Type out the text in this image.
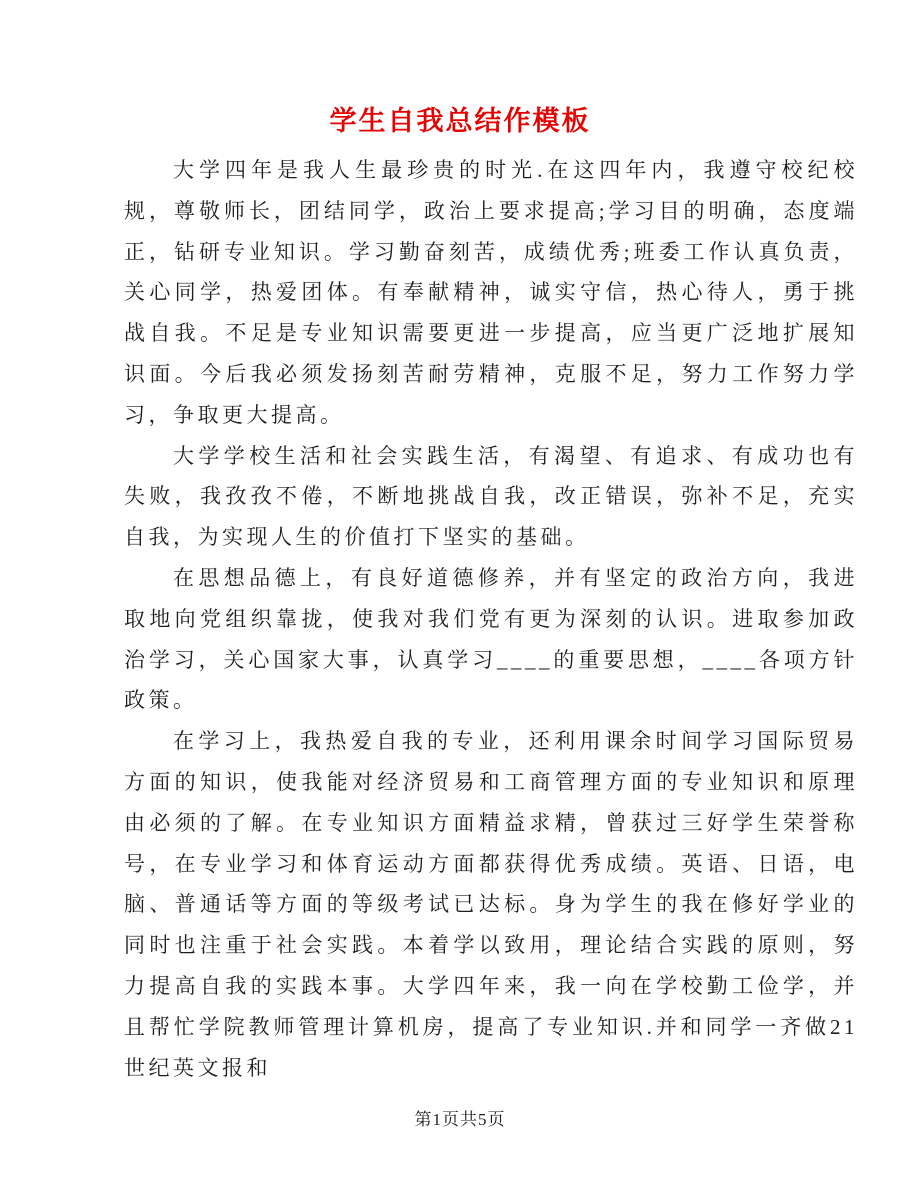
学生自我总结作模板

大学四年是我人生最珍贵的时光.在这四年内，我遵守校纪校规，尊敬师长，团结同学，政治上要求提高;学习目的明确，态度端正，钻研专业知识。学习勤奋刻苦，成绩优秀;班委工作认真负责，关心同学，热爱团体。有奉献精神，诚实守信，热心待人，勇于挑战自我。不足是专业知识需要更进一步提高，应当更广泛地扩展知识面。今后我必须发扬刻苦耐劳精神，克服不足，努力工作努力学习，争取更大提高。

大学学校生活和社会实践生活，有渴望、有追求、有成功也有失败，我孜孜不倦，不断地挑战自我，改正错误，弥补不足，充实自我，为实现人生的价值打下坚实的基础。

在思想品德上，有良好道德修养，并有坚定的政治方向，我进取地向党组织靠拢，使我对我们党有更为深刻的认识。进取参加政治学习，关心国家大事，认真学习____的重要思想，____各项方针政策。

在学习上，我热爱自我的专业，还利用课余时间学习国际贸易方面的知识，使我能对经济贸易和工商管理方面的专业知识和原理由必须的了解。在专业知识方面精益求精，曾获过三好学生荣誉称号，在专业学习和体育运动方面都获得优秀成绩。英语、日语，电脑、普通话等方面的等级考试已达标。身为学生的我在修好学业的同时也注重于社会实践。本着学以致用，理论结合实践的原则，努力提高自我的实践本事。大学四年来，我一向在学校勤工俭学，并且帮忙学院教师管理计算机房，提高了专业知识.并和同学一齐做21世纪英文报和

第1页共5页
